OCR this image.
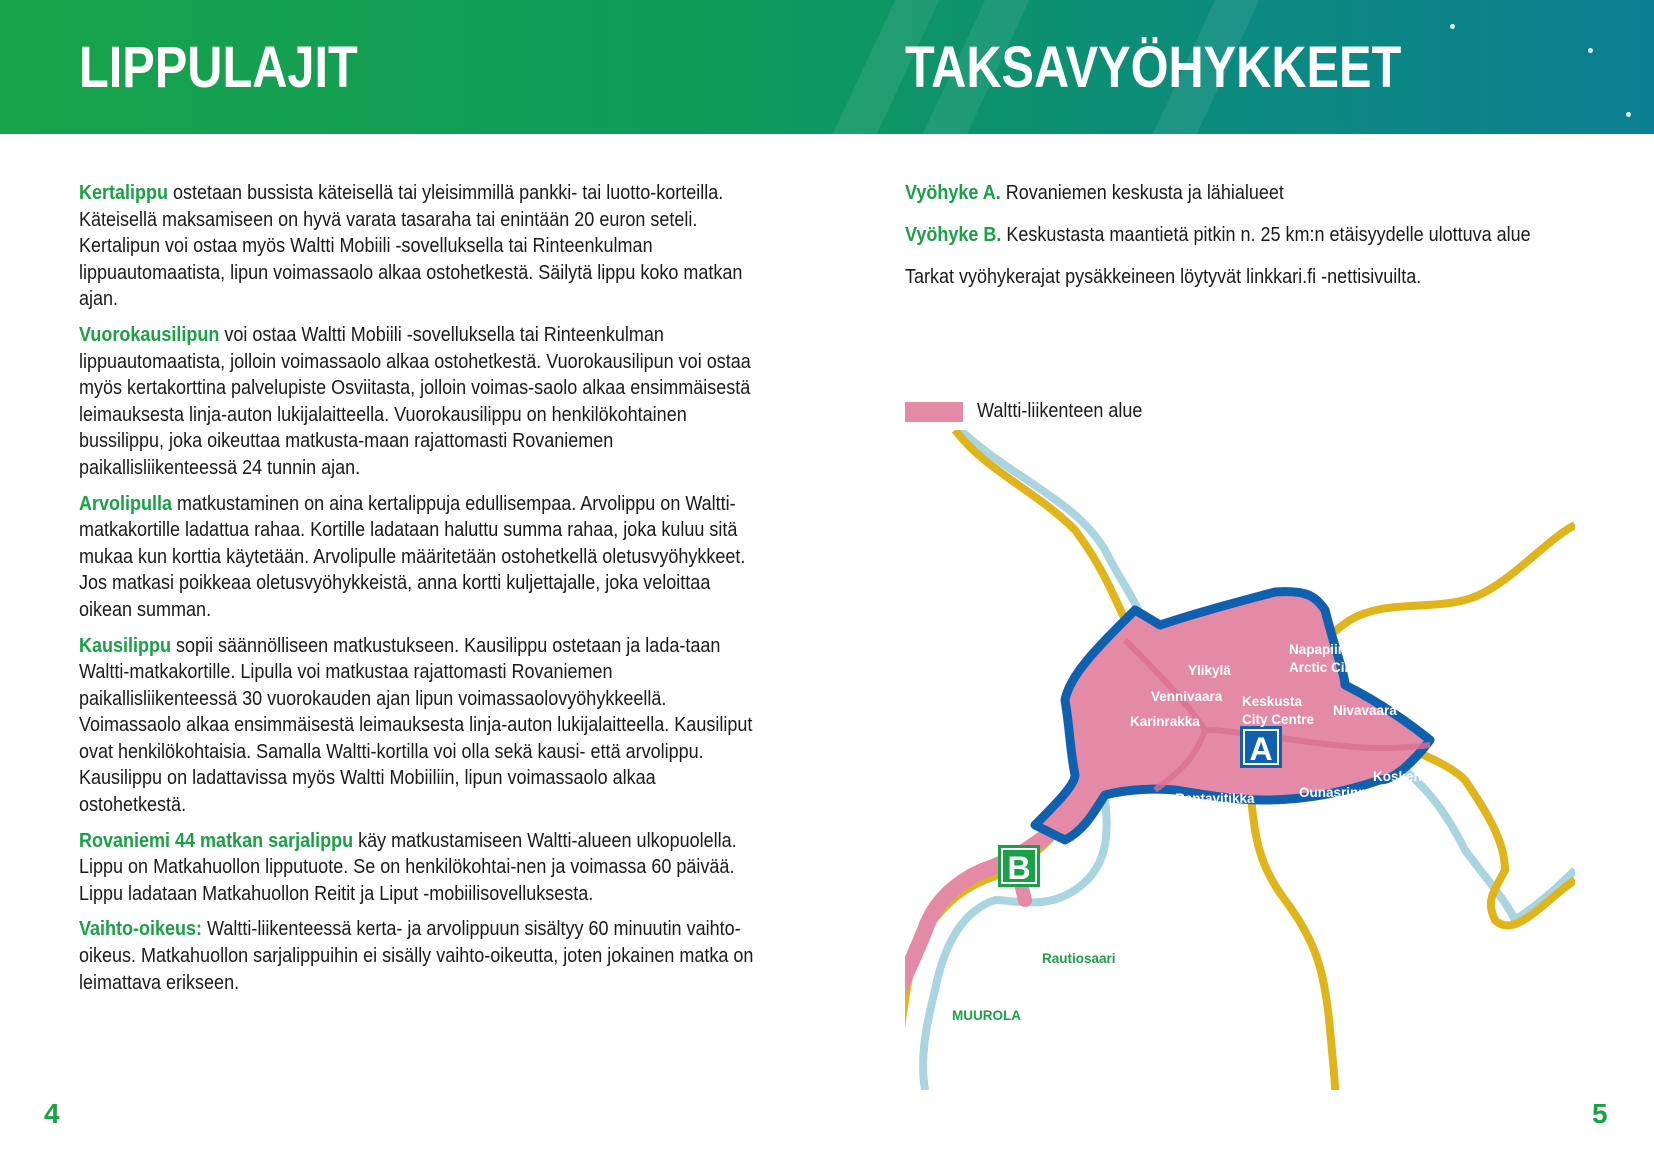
LIPPULAJIT	TAKSAVYÖHYKKEET

Kertalippu ostetaan bussista käteisellä tai yleisimmillä pankki- tai luotto-korteilla. Käteisellä maksamiseen on hyvä varata tasaraha tai enintään 20 euron seteli. Kertalipun voi ostaa myös Waltti Mobiili -sovelluksella tai Rinteenkulman lippuautomaatista, lipun voimassaolo alkaa ostohetkestä. Säilytä lippu koko matkan ajan.

Vuorokausilipun voi ostaa Waltti Mobiili -sovelluksella tai Rinteenkulman lippuautomaatista, jolloin voimassaolo alkaa ostohetkestä. Vuorokausilipun voi ostaa myös kertakorttina palvelupiste Osviitasta, jolloin voimas-saolo alkaa ensimmäisestä leimauksesta linja-auton lukijalaitteella. Vuorokausilippu on henkilökohtainen bussilippu, joka oikeuttaa matkusta-maan rajattomasti Rovaniemen paikallisliikenteessä 24 tunnin ajan.

Arvolipulla matkustaminen on aina kertalippuja edullisempaa. Arvolippu on Waltti-matkakortille ladattua rahaa. Kortille ladataan haluttu summa rahaa, joka kuluu sitä mukaa kun korttia käytetään. Arvolipulle määritetään ostohetkellä oletusvyöhykkeet. Jos matkasi poikkeaa oletusvyöhykkeistä, anna kortti kuljettajalle, joka veloittaa oikean summan.

Kausilippu sopii säännölliseen matkustukseen. Kausilippu ostetaan ja lada-taan Waltti-matkakortille. Lipulla voi matkustaa rajattomasti Rovaniemen paikallisliikenteessä 30 vuorokauden ajan lipun voimassaolovyöhykkeellä. Voimassaolo alkaa ensimmäisestä leimauksesta linja-auton lukijalaitteella. Kausiliput ovat henkilökohtaisia. Samalla Waltti-kortilla voi olla sekä kausi- että arvolippu. Kausilippu on ladattavissa myös Waltti Mobiiliin, lipun voimassaolo alkaa ostohetkestä.

Rovaniemi 44 matkan sarjalippu käy matkustamiseen Waltti-alueen ulkopuolella. Lippu on Matkahuollon lipputuote. Se on henkilökohtai-nen ja voimassa 60 päivää. Lippu ladataan Matkahuollon Reitit ja Liput -mobiilisovelluksesta.

Vaihto-oikeus: Waltti-liikenteessä kerta- ja arvolippuun sisältyy 60 minuutin vaihto-oikeus. Matkahuollon sarjalippuihin ei sisälly vaihto-oikeutta, joten jokainen matka on leimattava erikseen.

Vyöhyke A. Rovaniemen keskusta ja lähialueet

Vyöhyke B. Keskustasta maantietä pitkin n. 25 km:n etäisyydelle ulottuva alue

Tarkat vyöhykerajat pysäkkeineen löytyvät linkkari.fi -nettisivuilta.

Waltti-liikenteen alue
A
B
Ylikylä
Napapiiri
Arctic Circle
Vennivaara Keskusta
City Centre
Nivavaara
Karinrakka
Koskenkylä
Ounasrinne
Rantavitikka
Pöykkölä
Niskan-
perä
Rautiosaari
MUUROLA
4	5
